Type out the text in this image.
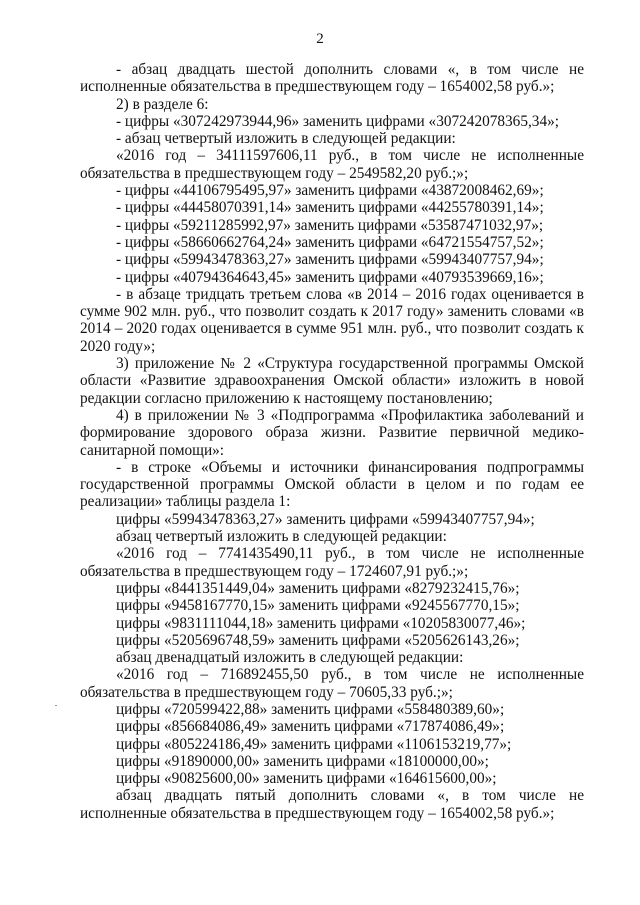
2

- абзац двадцать шестой дополнить словами «, в том числе не исполненные обязательства в предшествующем году – 1654002,58 руб.»;

2) в разделе 6:

- цифры «307242973944,96» заменить цифрами «307242078365,34»;

- абзац четвертый изложить в следующей редакции:

«2016 год – 34111597606,11 руб., в том числе не исполненные обязательства в предшествующем году – 2549582,20 руб.;»;

- цифры «44106795495,97» заменить цифрами «43872008462,69»;

- цифры «44458070391,14» заменить цифрами «44255780391,14»;

- цифры «59211285992,97» заменить цифрами «53587471032,97»;

- цифры «58660662764,24» заменить цифрами «64721554757,52»;

- цифры «59943478363,27» заменить цифрами «59943407757,94»;

- цифры «40794364643,45» заменить цифрами «40793539669,16»;

- в абзаце тридцать третьем слова «в 2014 – 2016 годах оценивается в сумме 902 млн. руб., что позволит создать к 2017 году» заменить словами «в 2014 – 2020 годах оценивается в сумме 951 млн. руб., что позволит создать к 2020 году»;

3) приложение № 2 «Структура государственной программы Омской области «Развитие здравоохранения Омской области» изложить в новой редакции согласно приложению к настоящему постановлению;

4) в приложении № 3 «Подпрограмма «Профилактика заболеваний и формирование здорового образа жизни. Развитие первичной медико-санитарной помощи»:

- в строке «Объемы и источники финансирования подпрограммы государственной программы Омской области в целом и по годам ее реализации» таблицы раздела 1:

цифры «59943478363,27» заменить цифрами «59943407757,94»;

абзац четвертый изложить в следующей редакции:

«2016 год – 7741435490,11 руб., в том числе не исполненные обязательства в предшествующем году – 1724607,91 руб.;»;

цифры «8441351449,04» заменить цифрами «8279232415,76»;

цифры «9458167770,15» заменить цифрами «9245567770,15»;

цифры «9831111044,18» заменить цифрами «10205830077,46»;

цифры «5205696748,59» заменить цифрами «5205626143,26»;

абзац двенадцатый изложить в следующей редакции:

«2016 год – 716892455,50 руб., в том числе не исполненные обязательства в предшествующем году – 70605,33 руб.;»;

цифры «720599422,88» заменить цифрами «558480389,60»;

цифры «856684086,49» заменить цифрами «717874086,49»;

цифры «805224186,49» заменить цифрами «1106153219,77»;

цифры «91890000,00» заменить цифрами «18100000,00»;

цифры «90825600,00» заменить цифрами «164615600,00»;

абзац двадцать пятый дополнить словами «, в том числе не исполненные обязательства в предшествующем году – 1654002,58 руб.»;
